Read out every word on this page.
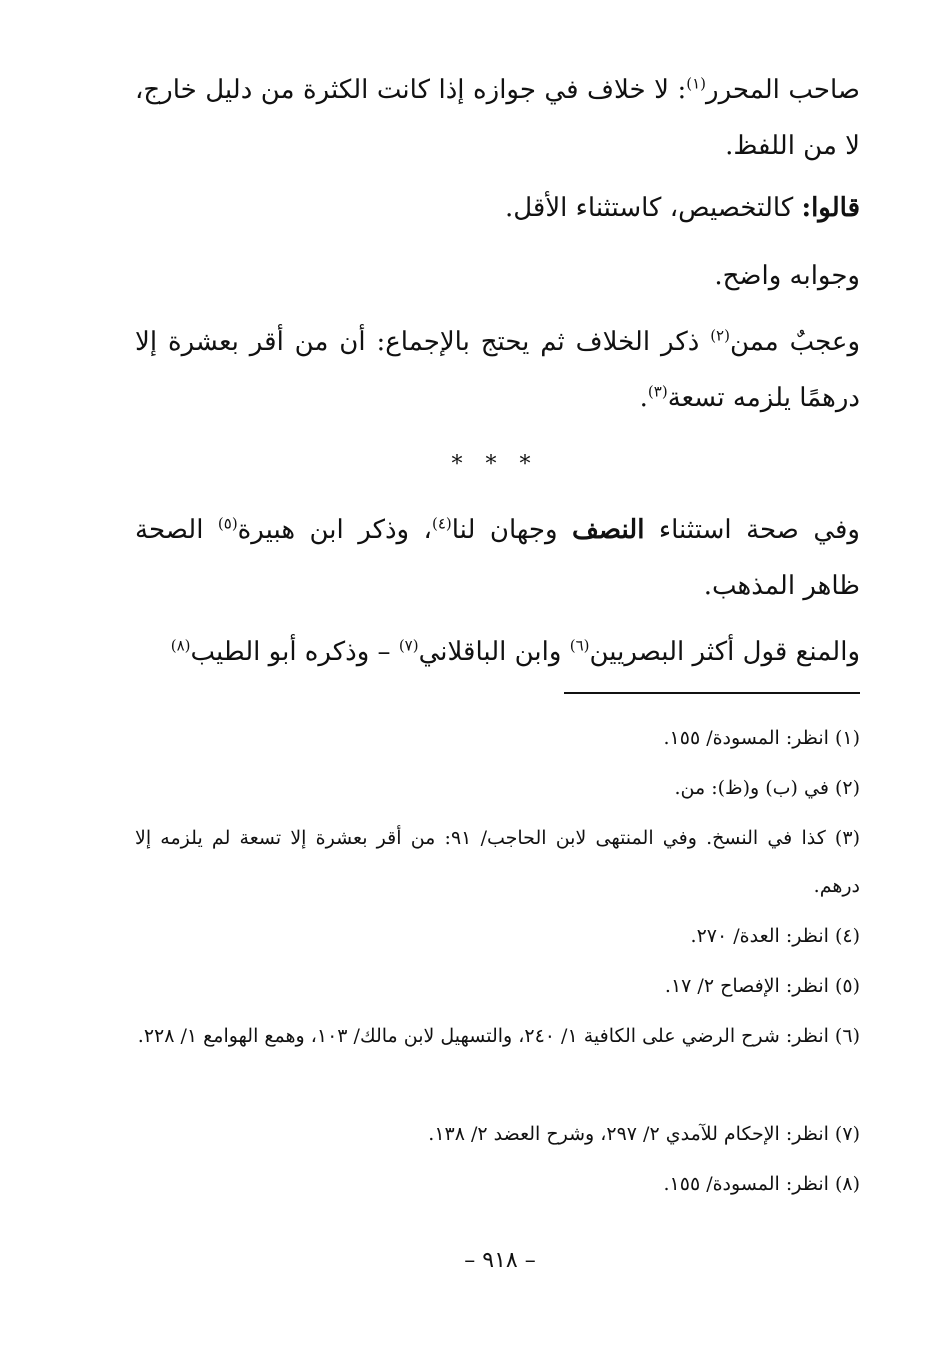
صاحب المحرر$^{(١)}$: لا خلاف في جوازه إذا كانت الكثرة من دليل خارج، لا من اللفظ.

قالوا: كالتخصيص، كاستثناء الأقل.

وجوابه واضح.

وعجبٌ ممن$^{(٢)}$ ذكر الخلاف ثم يحتج بالإجماع: أن من أقر بعشرة إلا درهمًا يلزمه تسعة$^{(٣)}$.

* * *

وفي صحة استثناء النصف وجهان لنا$^{(٤)}$، وذكر ابن هبيرة$^{(٥)}$ الصحة ظاهر المذهب.

والمنع قول أكثر البصريين$^{(٦)}$ وابن الباقلاني$^{(٧)}$ – وذكره أبو الطيب$^{(٨)}$

(١) انظر: المسودة/ ١٥٥.
(٢) في (ب) و(ظ): من.
(٣) كذا في النسخ. وفي المنتهى لابن الحاجب/ ٩١: من أقر بعشرة إلا تسعة لم يلزمه إلا درهم.
(٤) انظر: العدة/ ٢٧٠.
(٥) انظر: الإفصاح ٢/ ١٧.
(٦) انظر: شرح الرضي على الكافية ١/ ٢٤٠، والتسهيل لابن مالك/ ١٠٣، وهمع الهوامع ١/ ٢٢٨.
(٧) انظر: الإحكام للآمدي ٢/ ٢٩٧، وشرح العضد ٢/ ١٣٨.
(٨) انظر: المسودة/ ١٥٥.
– ٩١٨ –
